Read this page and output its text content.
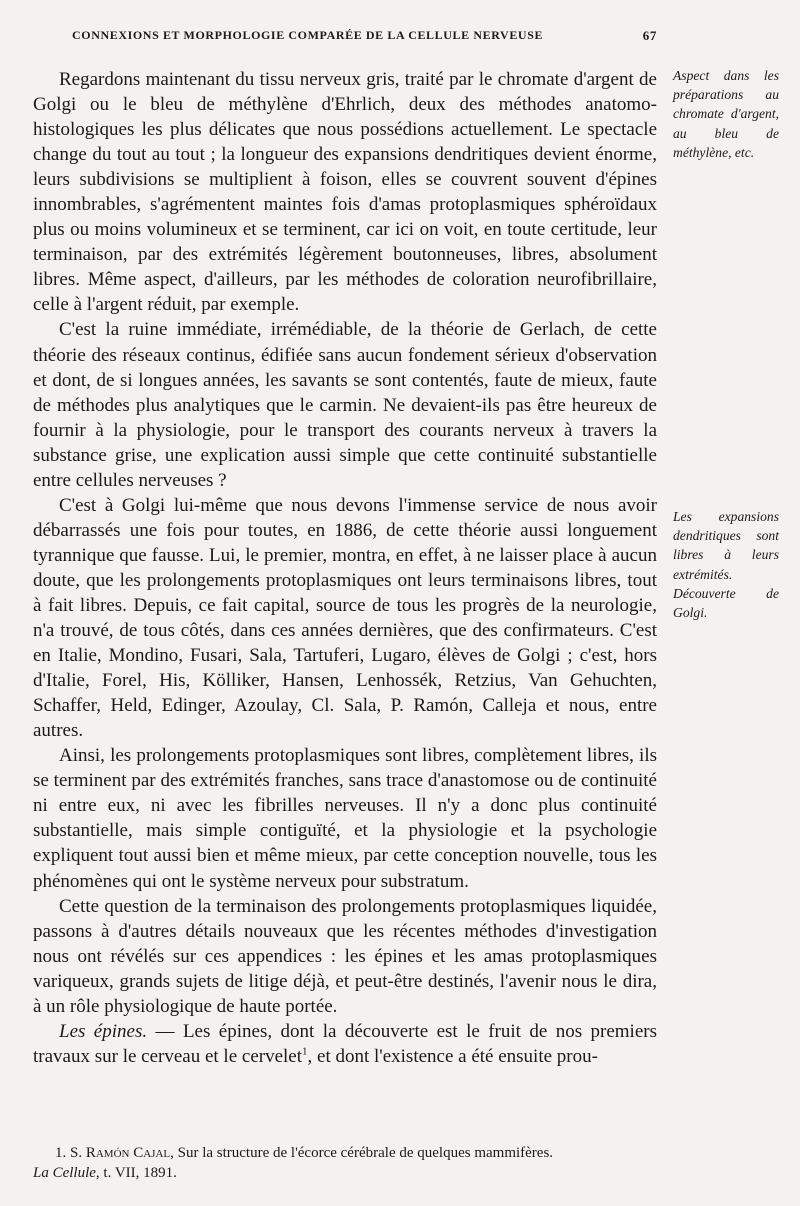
CONNEXIONS ET MORPHOLOGIE COMPARÉE DE LA CELLULE NERVEUSE	67

Regardons maintenant du tissu nerveux gris, traité par le chromate d'argent de Golgi ou le bleu de méthylène d'Ehrlich, deux des méthodes anatomo-histologiques les plus délicates que nous possédions actuellement. Le spectacle change du tout au tout ; la longueur des expansions dendritiques devient énorme, leurs subdivisions se multiplient à foison, elles se couvrent souvent d'épines innombrables, s'agrémentent maintes fois d'amas protoplasmiques sphéroïdaux plus ou moins volumineux et se terminent, car ici on voit, en toute certitude, leur terminaison, par des extrémités légèrement boutonneuses, libres, absolument libres. Même aspect, d'ailleurs, par les méthodes de coloration neurofibrillaire, celle à l'argent réduit, par exemple.

C'est la ruine immédiate, irrémédiable, de la théorie de Gerlach, de cette théorie des réseaux continus, édifiée sans aucun fondement sérieux d'observation et dont, de si longues années, les savants se sont contentés, faute de mieux, faute de méthodes plus analytiques que le carmin. Ne devaient-ils pas être heureux de fournir à la physiologie, pour le transport des courants nerveux à travers la substance grise, une explication aussi simple que cette continuité substantielle entre cellules nerveuses ?

C'est à Golgi lui-même que nous devons l'immense service de nous avoir débarrassés une fois pour toutes, en 1886, de cette théorie aussi longuement tyrannique que fausse. Lui, le premier, montra, en effet, à ne laisser place à aucun doute, que les prolongements protoplasmiques ont leurs terminaisons libres, tout à fait libres. Depuis, ce fait capital, source de tous les progrès de la neurologie, n'a trouvé, de tous côtés, dans ces années dernières, que des confirmateurs. C'est en Italie, Mondino, Fusari, Sala, Tartuferi, Lugaro, élèves de Golgi ; c'est, hors d'Italie, Forel, His, Kölliker, Hansen, Lenhossék, Retzius, Van Gehuchten, Schaffer, Held, Edinger, Azoulay, Cl. Sala, P. Ramón, Calleja et nous, entre autres.

Ainsi, les prolongements protoplasmiques sont libres, complètement libres, ils se terminent par des extrémités franches, sans trace d'anastomose ou de continuité ni entre eux, ni avec les fibrilles nerveuses. Il n'y a donc plus continuité substantielle, mais simple contiguïté, et la physiologie et la psychologie expliquent tout aussi bien et même mieux, par cette conception nouvelle, tous les phénomènes qui ont le système nerveux pour substratum.

Cette question de la terminaison des prolongements protoplasmiques liquidée, passons à d'autres détails nouveaux que les récentes méthodes d'investigation nous ont révélés sur ces appendices : les épines et les amas protoplasmiques variqueux, grands sujets de litige déjà, et peut-être destinés, l'avenir nous le dira, à un rôle physiologique de haute portée.

Les épines. — Les épines, dont la découverte est le fruit de nos premiers travaux sur le cerveau et le cervelet$^1$, et dont l'existence a été ensuite prou-

Aspect dans les préparations au chromate d'argent, au bleu de méthylène, etc.
Les expansions dendritiques sont libres à leurs extrémités. Découverte de Golgi.
1. S. Ramón Cajal, Sur la structure de l'écorce cérébrale de quelques mammifères.
La Cellule, t. VII, 1891.
